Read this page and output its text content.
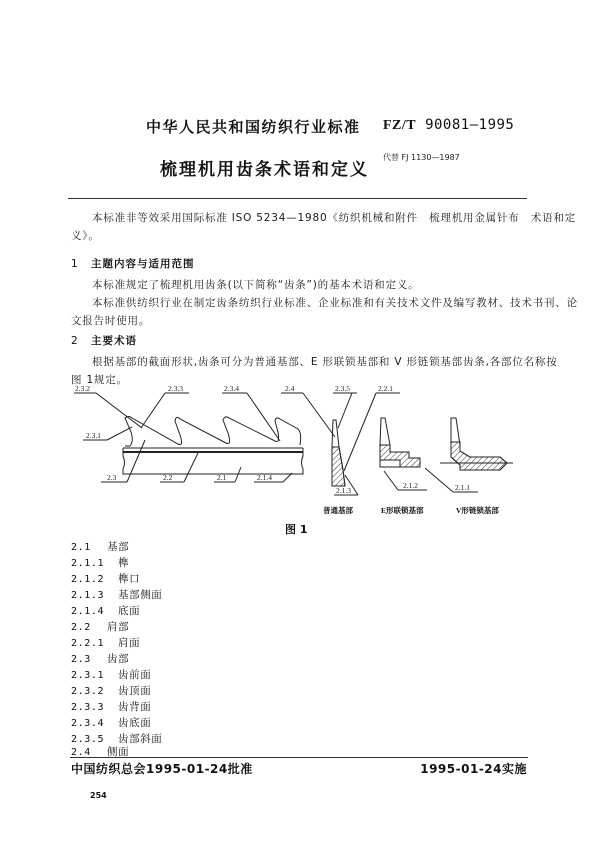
中华人民共和国纺织行业标准 FZ/T 90081—1995
梳理机用齿条术语和定义
代替 FJ 1130—1987
本标准非等效采用国际标准 ISO 5234—1980《纺织机械和附件　梳理机用金属针布　术语和定
义》。
1 主题内容与适用范围
本标准规定了梳理机用齿条(以下简称“齿条”)的基本术语和定义。
本标准供纺织行业在制定齿条纺织行业标准、企业标准和有关技术文件及编写教材、技术书刊、论
文报告时使用。
2 主要术语
根据基部的截面形状,齿条可分为普通基部、E 形联锁基部和 V 形链锁基部齿条,各部位名称按
图 1规定。
2.3.2	2.3.3	2.3.4	2.4	2.3.5	2.2.1
2.3.1
2.3	2.2	2.1	2.1.4
2.1.3
2.1.2	2.1.1
普通基部	E形联锁基部	V形链锁基部
图 1
2.1 基部
2.1.1 榫
2.1.2 榫口
2.1.3 基部侧面
2.1.4 底面
2.2 肩部
2.2.1 肩面
2.3 齿部
2.3.1 齿前面
2.3.2 齿顶面
2.3.3 齿背面
2.3.4 齿底面
2.3.5 齿部斜面
2.4 侧面
中国纺织总会1995-01-24批准	1995-01-24实施
254
